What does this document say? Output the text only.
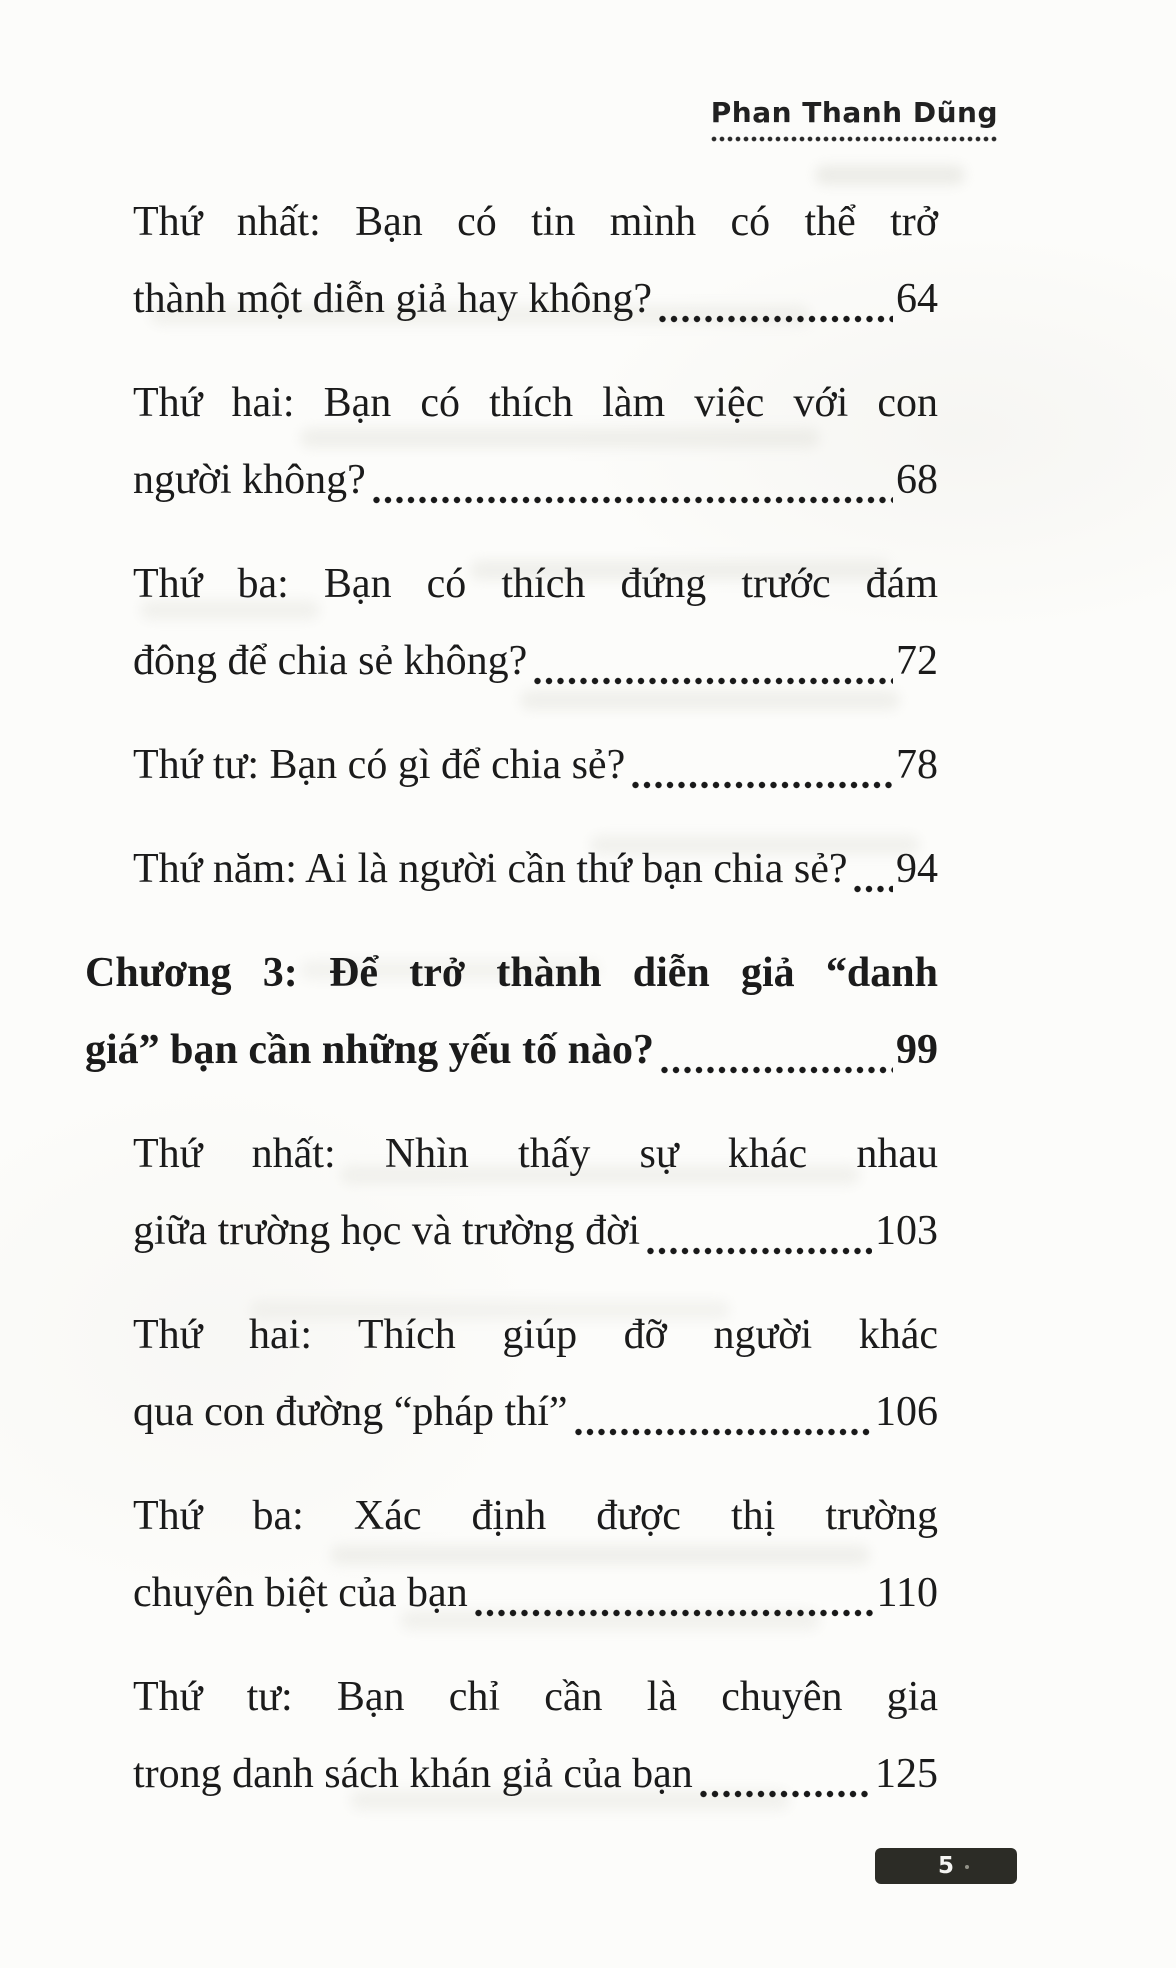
Phan Thanh Dũng
Thứ nhất: Bạn có tin mình có thể trở
thành một diễn giả hay không?	64
Thứ hai: Bạn có thích làm việc với con
người không?	68
Thứ ba: Bạn có thích đứng trước đám
đông để chia sẻ không?	72
Thứ tư: Bạn có gì để chia sẻ?	78
Thứ năm: Ai là người cần thứ bạn chia sẻ? 94
Chương 3: Để trở thành diễn giả “danh
giá” bạn cần những yếu tố nào?	99
Thứ nhất: Nhìn thấy sự khác nhau
giữa trường học và trường đời	103
Thứ hai: Thích giúp đỡ người khác
qua con đường “pháp thí”	106
Thứ ba: Xác định được thị trường
chuyên biệt của bạn	110
Thứ tư: Bạn chỉ cần là chuyên gia
trong danh sách khán giả của bạn	125
5
